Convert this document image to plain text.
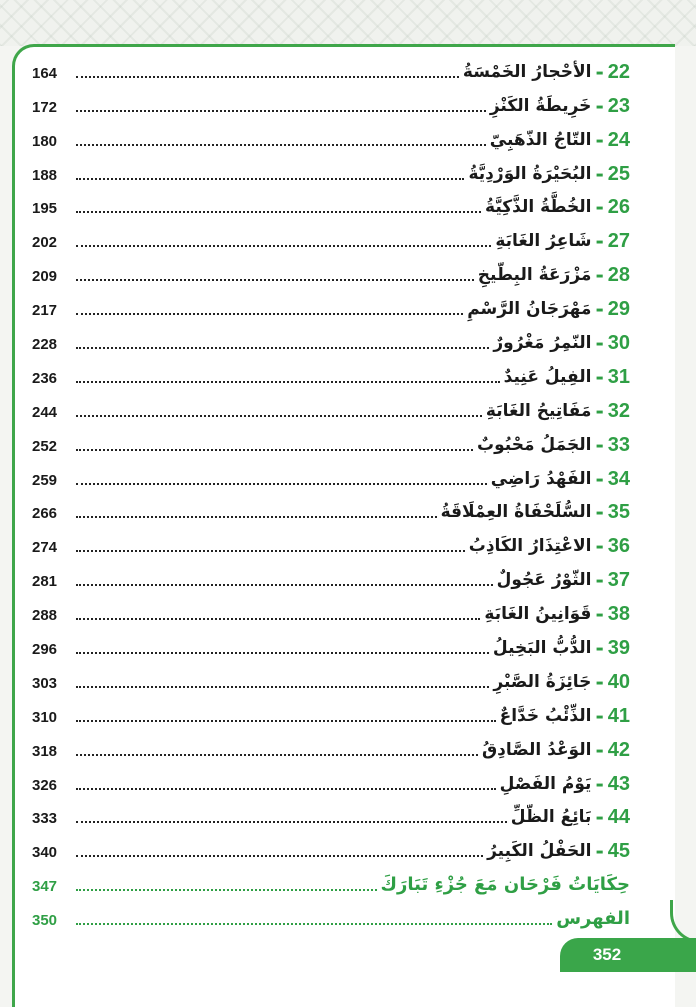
22
-
الأحْجارُ الخَمْسَةُ
164
23
-
خَرِيطَةُ الكَنْزِ
172
24
-
التّاجُ الذّهَبِيّ
180
25
-
البُحَيْرَةُ الوَرْدِيَّةُ
188
26
-
الخُطَّةُ الذَّكِيَّةُ
195
27
-
شَاعِرُ الغَابَةِ
202
28
-
مَزْرَعَةُ البِطّيخِ
209
29
-
مَهْرَجَانُ الرَّسْمِ
217
30
-
النّمِرُ مَغْرُورٌ
228
31
-
الفِيلُ عَنِيدٌ
236
32
-
مَفَاتِيحُ الغَابَةِ
244
33
-
الجَمَلُ مَحْبُوبٌ
252
34
-
الفَهْدُ رَاضِي
259
35
-
السُّلَحْفَاةُ العِمْلَاقَةُ
266
36
-
الاعْتِذَارُ الكَاذِبُ
274
37
-
الثّوْرُ عَجُولٌ
281
38
-
قَوَانِينُ الغَابَةِ
288
39
-
الدُّبُّ البَخِيلُ
296
40
-
جَائِزَةُ الصَّبْرِ
303
41
-
الذِّئْبُ خَدَّاعٌ
310
42
-
الوَعْدُ الصَّادِقُ
318
43
-
يَوْمُ الفَصْلِ
326
44
-
بَائِعُ الظّلِّ
333
45
-
الحَفْلُ الكَبِيرُ
340
حِكَايَاتُ فَرْحَان مَعَ جُزْءِ تَبَارَكَ
347
الفهرس
350
352
